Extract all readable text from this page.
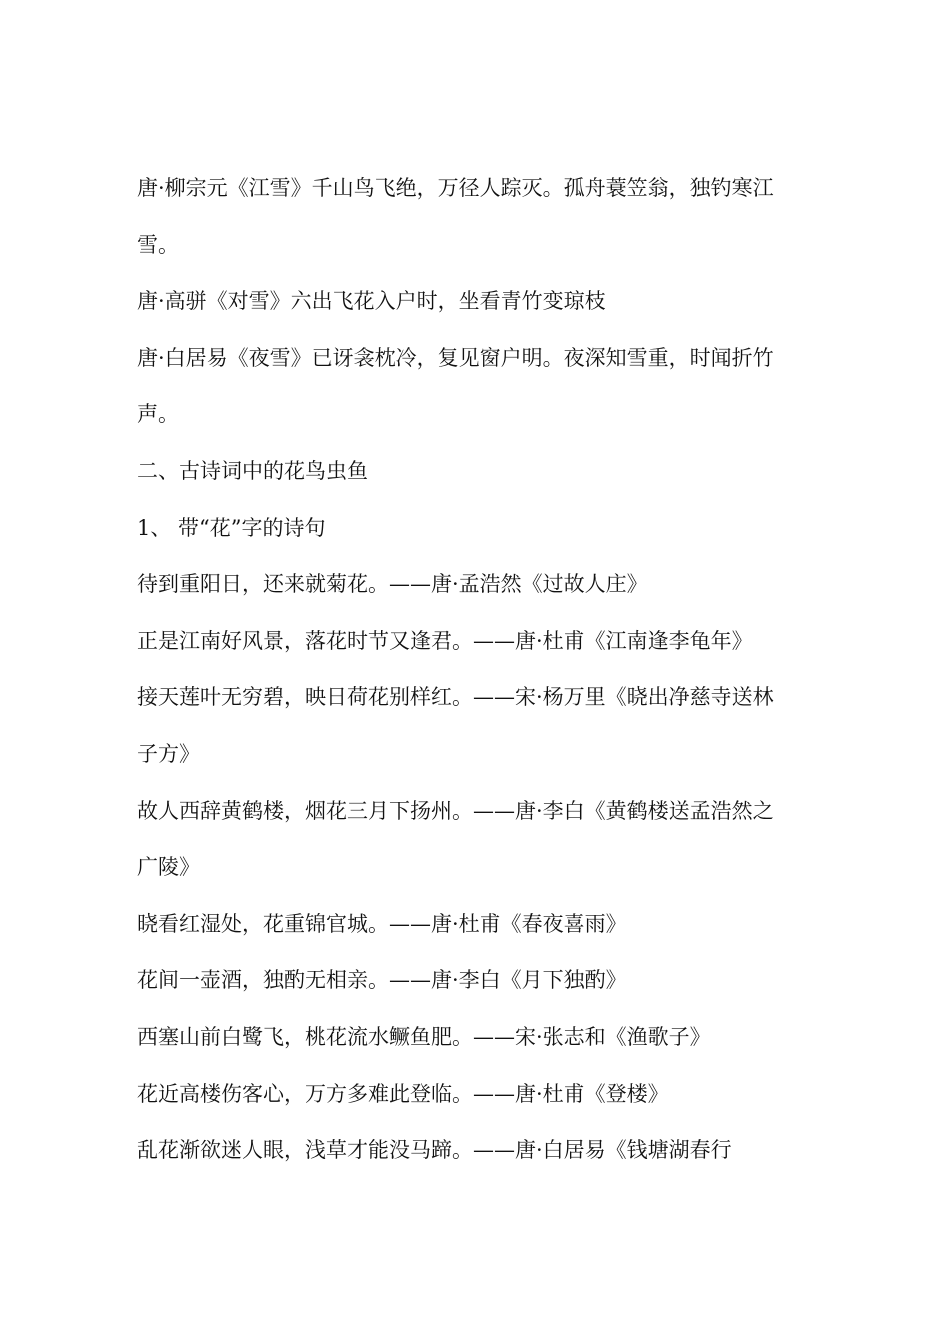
唐·柳宗元《江雪》千山鸟飞绝，万径人踪灭。孤舟蓑笠翁，独钓寒江

雪。

唐·高骈《对雪》六出飞花入户时，坐看青竹变琼枝

唐·白居易《夜雪》已讶衾枕冷，复见窗户明。夜深知雪重，时闻折竹

声。

二、古诗词中的花鸟虫鱼

1、 带“花”字的诗句

待到重阳日，还来就菊花。——唐·孟浩然《过故人庄》

正是江南好风景，落花时节又逢君。——唐·杜甫《江南逢李龟年》

接天莲叶无穷碧，映日荷花别样红。——宋·杨万里《晓出净慈寺送林

子方》

故人西辞黄鹤楼，烟花三月下扬州。——唐·李白《黄鹤楼送孟浩然之

广陵》

晓看红湿处，花重锦官城。——唐·杜甫《春夜喜雨》

花间一壶酒，独酌无相亲。——唐·李白《月下独酌》

西塞山前白鹭飞，桃花流水鳜鱼肥。——宋·张志和《渔歌子》

花近高楼伤客心，万方多难此登临。——唐·杜甫《登楼》

乱花渐欲迷人眼，浅草才能没马蹄。——唐·白居易《钱塘湖春行
